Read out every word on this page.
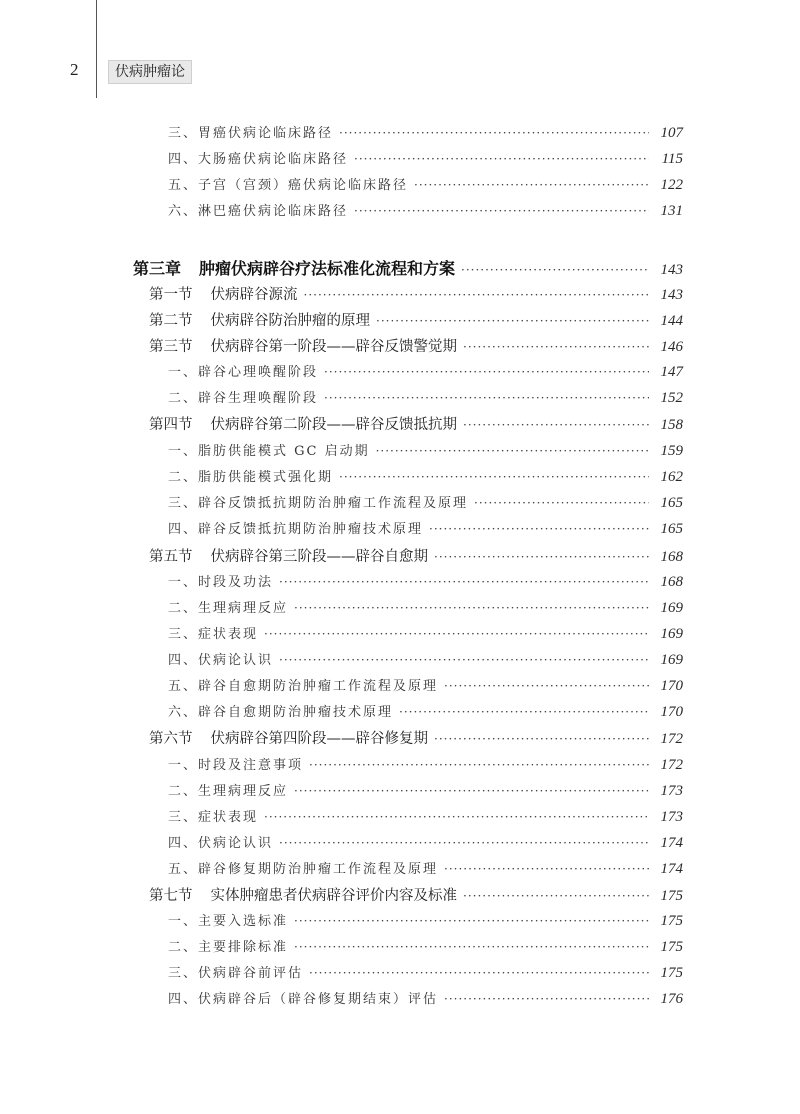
2	伏病肿瘤论
三、胃癌伏病论临床路径 ·····	107
四、大肠癌伏病论临床路径 ·····	115
五、子宫（宫颈）癌伏病论临床路径 ·····	122
六、淋巴癌伏病论临床路径 ·····	131
第三章 肿瘤伏病辟谷疗法标准化流程和方案 ·····	143
第一节 伏病辟谷源流 ·····	143
第二节 伏病辟谷防治肿瘤的原理 ·····	144
第三节 伏病辟谷第一阶段——辟谷反馈警觉期 ·····	146
一、辟谷心理唤醒阶段 ·····	147
二、辟谷生理唤醒阶段 ·····	152
第四节 伏病辟谷第二阶段——辟谷反馈抵抗期 ·····	158
一、脂肪供能模式 GC 启动期 ·····	159
二、脂肪供能模式强化期 ·····	162
三、辟谷反馈抵抗期防治肿瘤工作流程及原理 ·····	165
四、辟谷反馈抵抗期防治肿瘤技术原理 ·····	165
第五节 伏病辟谷第三阶段——辟谷自愈期 ·····	168
一、时段及功法 ·····	168
二、生理病理反应 ·····	169
三、症状表现 ·····	169
四、伏病论认识 ·····	169
五、辟谷自愈期防治肿瘤工作流程及原理 ·····	170
六、辟谷自愈期防治肿瘤技术原理 ·····	170
第六节 伏病辟谷第四阶段——辟谷修复期 ·····	172
一、时段及注意事项 ·····	172
二、生理病理反应 ·····	173
三、症状表现 ·····	173
四、伏病论认识 ·····	174
五、辟谷修复期防治肿瘤工作流程及原理 ·····	174
第七节 实体肿瘤患者伏病辟谷评价内容及标准 ·····	175
一、主要入选标准 ·····	175
二、主要排除标准 ·····	175
三、伏病辟谷前评估 ·····	175
四、伏病辟谷后（辟谷修复期结束）评估 ·····	176
